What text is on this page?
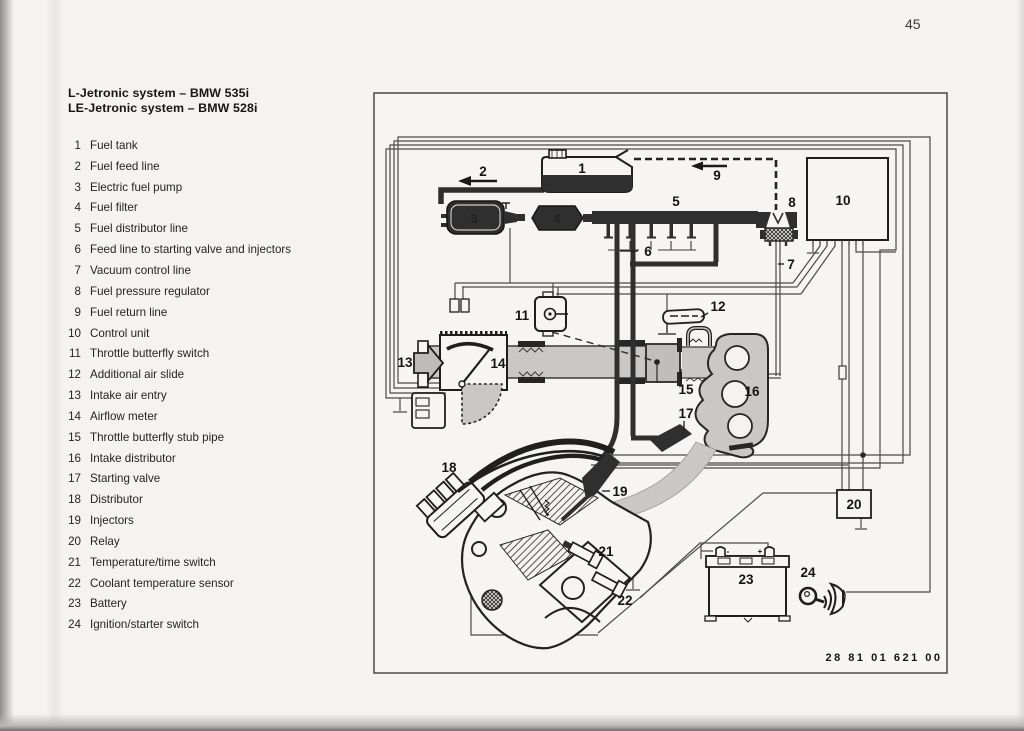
45
L-Jetronic system – BMW 535i
LE-Jetronic system – BMW 528i
1 Fuel tank
2 Fuel feed line
3 Electric fuel pump
4 Fuel filter
5 Fuel distributor line
6 Feed line to starting valve and injectors
7 Vacuum control line
8 Fuel pressure regulator
9 Fuel return line
10 Control unit
11 Throttle butterfly switch
12 Additional air slide
13 Intake air entry
14 Airflow meter
15 Throttle butterfly stub pipe
16 Intake distributor
17 Starting valve
18 Distributor
19 Injectors
20 Relay
21 Temperature/time switch
22 Coolant temperature sensor
23 Battery
24 Ignition/starter switch
-	+
1
2
3	4
5
6
7
8
9
10
11
12
13	14
15	16
17
18
19
20
21
22
23	24
28 81 01 621 00
